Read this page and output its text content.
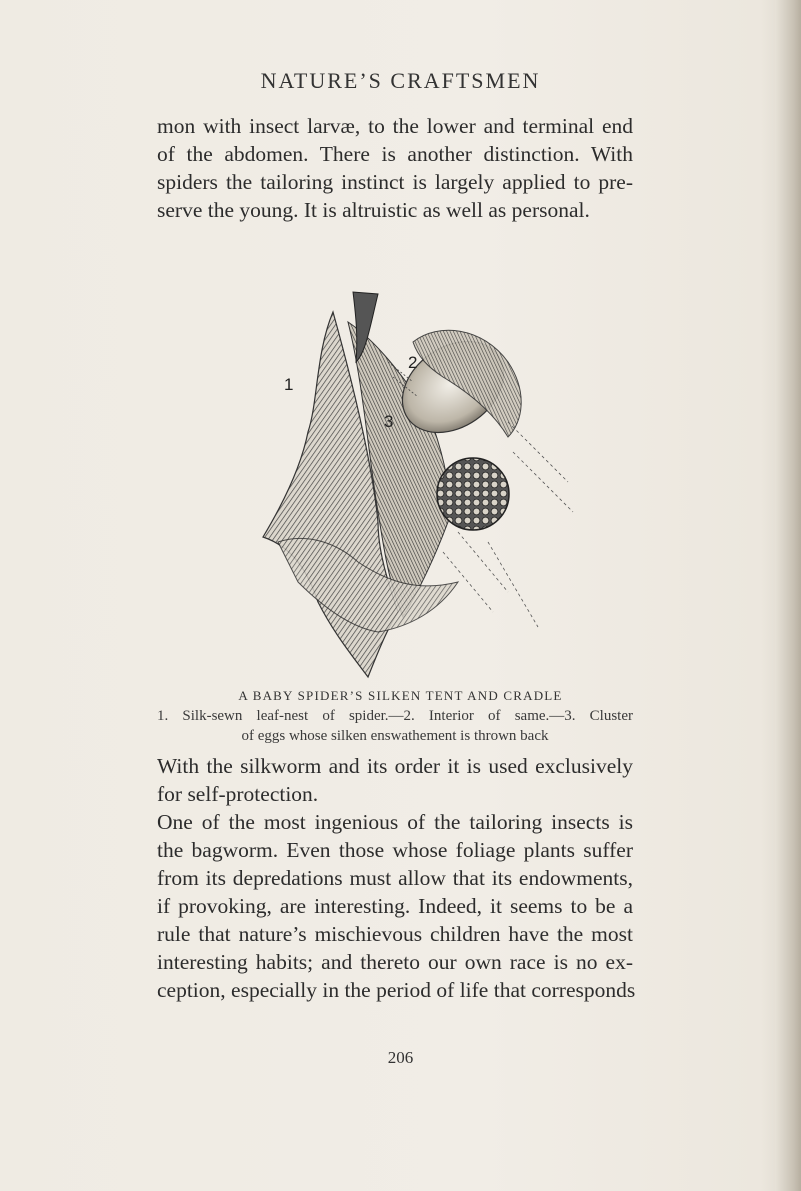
NATURE’S CRAFTSMEN

mon with insect larvæ, to the lower and terminal end
of the abdomen. There is another distinction. With
spiders the tailoring instinct is largely applied to pre-
serve the young. It is altruistic as well as personal.

1
2
3
A BABY SPIDER’S SILKEN TENT AND CRADLE

1. Silk-sewn leaf-nest of spider.—2. Interior of same.—3. Cluster
of eggs whose silken enswathement is thrown back

With the silkworm and its order it is used exclusively
for self-protection.

One of the most ingenious of the tailoring insects is
the bagworm. Even those whose foliage plants suffer
from its depredations must allow that its endowments,
if provoking, are interesting. Indeed, it seems to be a
rule that nature’s mischievous children have the most
interesting habits; and thereto our own race is no ex-
ception, especially in the period of life that corresponds

206
